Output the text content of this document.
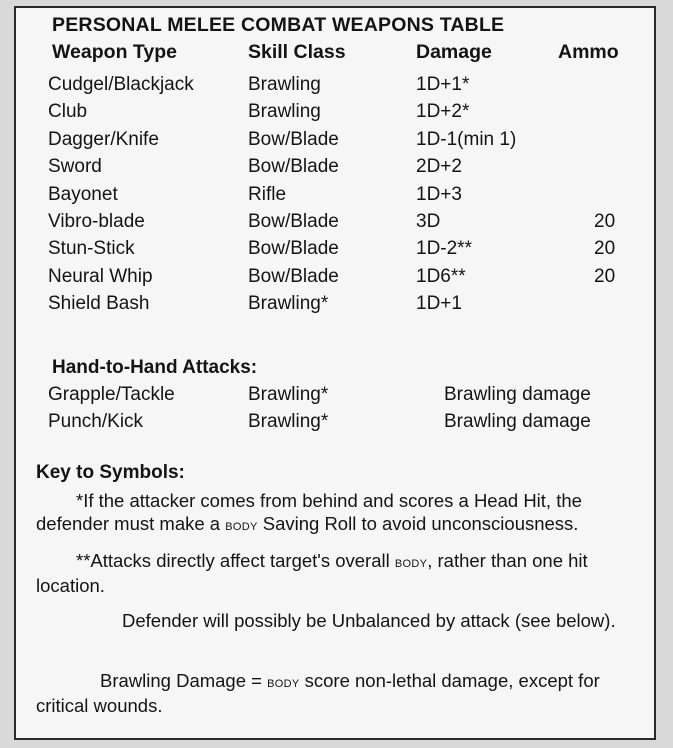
PERSONAL MELEE COMBAT WEAPONS TABLE
Weapon Type	Skill Class	Damage	Ammo
Cudgel/Blackjack	Brawling	1D+1*
Club	Brawling	1D+2*
Dagger/Knife	Bow/Blade	1D-1(min 1)
Sword	Bow/Blade	2D+2
Bayonet	Rifle	1D+3
Vibro-blade	Bow/Blade	3D	20
Stun-Stick	Bow/Blade	1D-2**	20
Neural Whip	Bow/Blade	1D6**	20
Shield Bash	Brawling*	1D+1
Hand-to-Hand Attacks:
Grapple/Tackle	Brawling*	Brawling damage
Punch/Kick	Brawling*	Brawling damage
Key to Symbols:
*If the attacker comes from behind and scores a Head Hit, the defender must make a body Saving Roll to avoid unconsciousness.
**Attacks directly affect target's overall body, rather than one hit location.
Defender will possibly be Unbalanced by attack (see below).
Brawling Damage = body score non-lethal damage, except for critical wounds.
